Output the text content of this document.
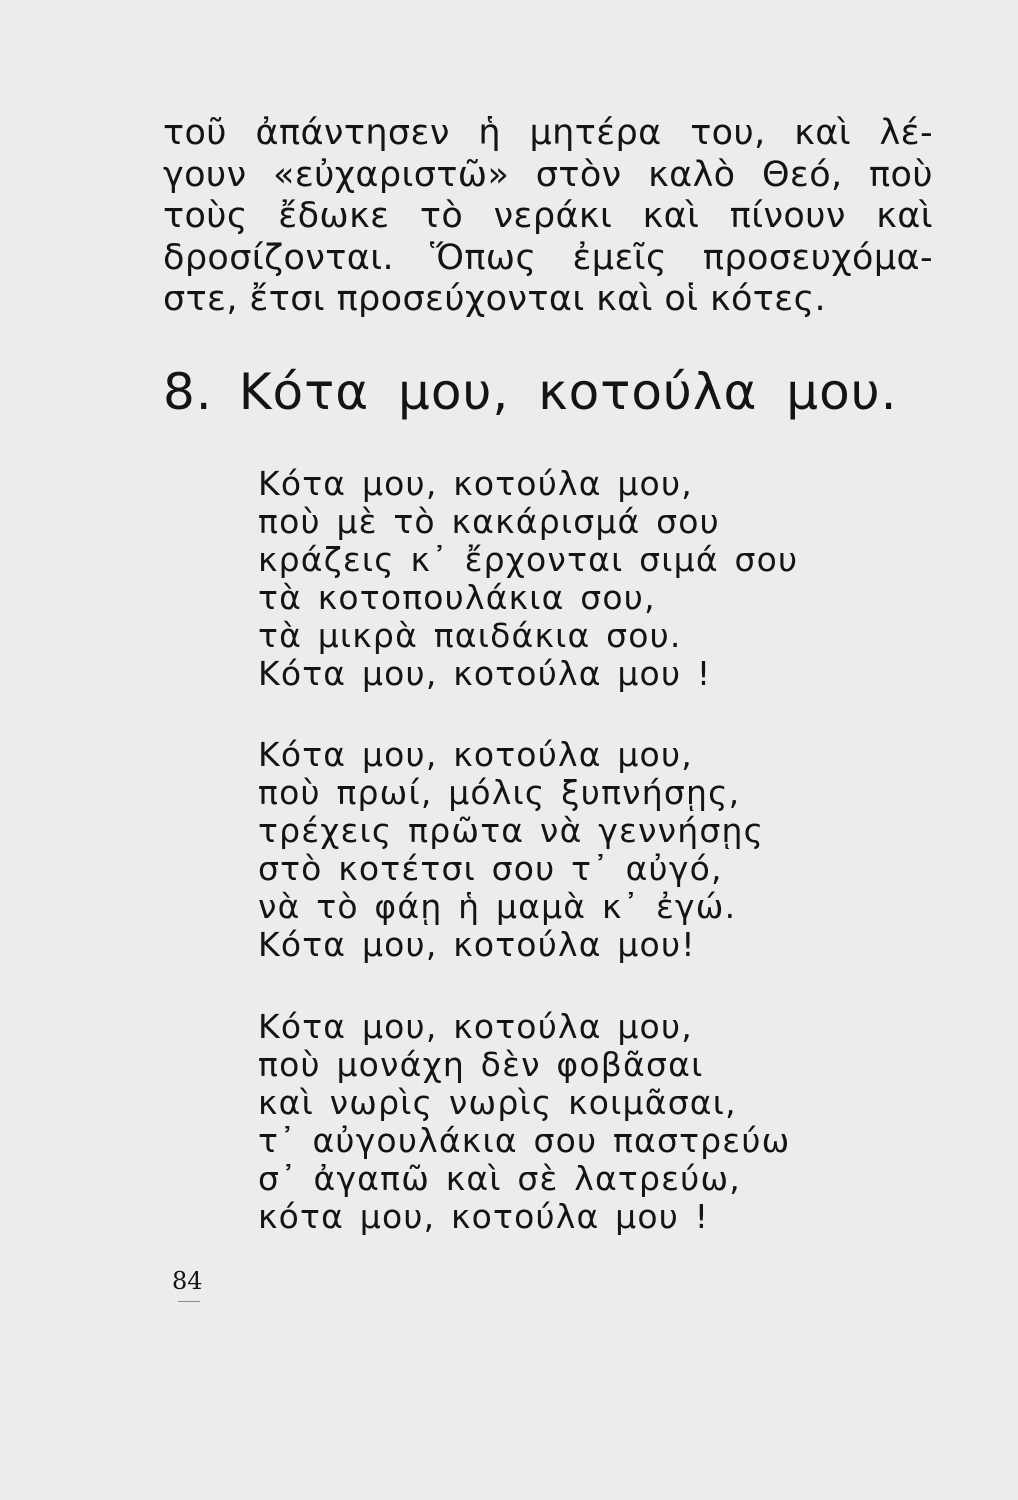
τοῦ ἀπάντησεν ἡ μητέρα του, καὶ λέ-
γουν «εὐχαριστῶ» στὸν καλὸ Θεό, ποὺ
τοὺς ἔδωκε τὸ νεράκι καὶ πίνουν καὶ
δροσίζονται. Ὅπως ἐμεῖς προσευχόμα-
στε, ἔτσι προσεύχονται καὶ οἱ κότες.
8. Κότα μου, κοτούλα μου.
Κότα μου, κοτούλα μου,
ποὺ μὲ τὸ κακάρισμά σου
κράζεις κ᾽ ἔρχονται σιμά σου
τὰ κοτοπουλάκια σου,
τὰ μικρὰ παιδάκια σου.
Κότα μου, κοτούλα μου !
Κότα μου, κοτούλα μου,
ποὺ πρωί, μόλις ξυπνήσῃς,
τρέχεις πρῶτα νὰ γεννήσῃς
στὸ κοτέτσι σου τ᾽ αὐγό,
νὰ τὸ φάῃ ἡ μαμὰ κ᾽ ἐγώ.
Κότα μου, κοτούλα μου!
Κότα μου, κοτούλα μου,
ποὺ μονάχη δὲν φοβᾶσαι
καὶ νωρὶς νωρὶς κοιμᾶσαι,
τ᾽ αὐγουλάκια σου παστρεύω
σ᾽ ἀγαπῶ καὶ σὲ λατρεύω,
κότα μου, κοτούλα μου !
84
